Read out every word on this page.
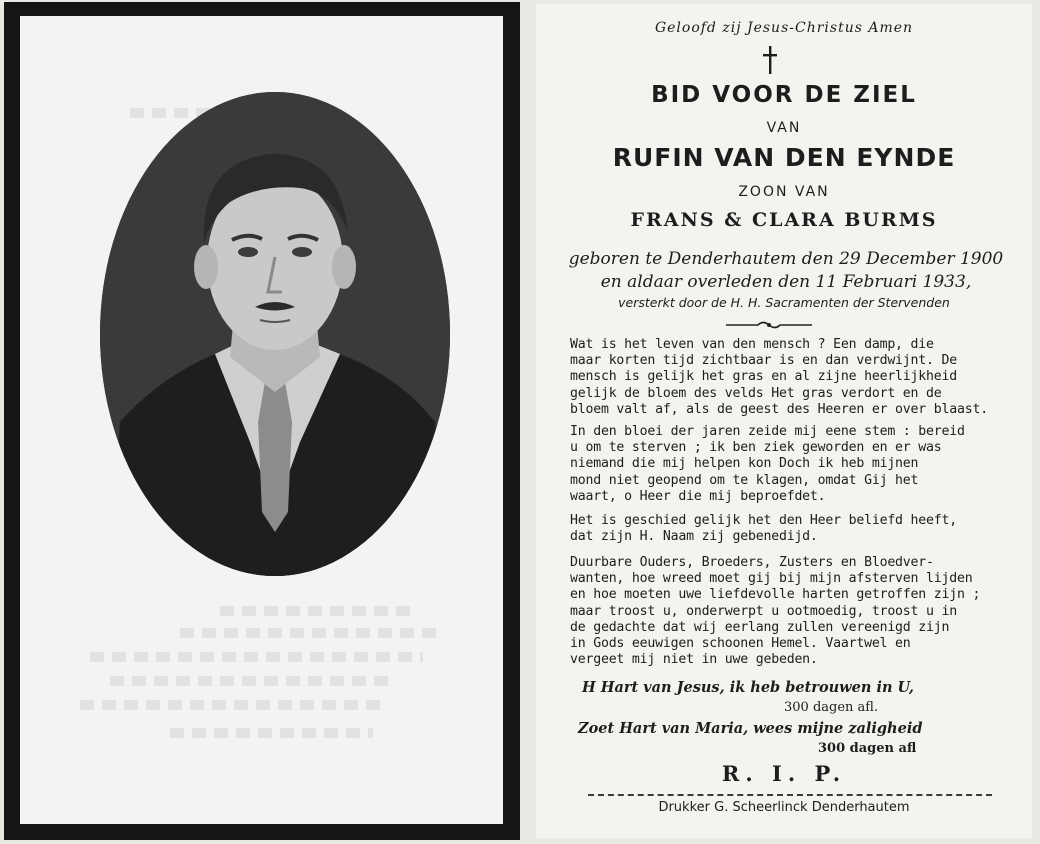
Geloofd zij Jesus-Christus Amen
BID VOOR DE ZIEL
VAN
RUFIN VAN DEN EYNDE
ZOON VAN
FRANS & CLARA BURMS
geboren te Denderhautem den 29 December 1900
en aldaar overleden den 11 Februari 1933,
versterkt door de H. H. Sacramenten der Stervenden
Wat is het leven van den mensch ? Een damp, die
maar korten tijd zichtbaar is en dan verdwijnt. De
mensch is gelijk het gras en al zijne heerlijkheid
gelijk de bloem des velds Het gras verdort en de
bloem valt af, als de geest des Heeren er over blaast.
In den bloei der jaren zeide mij eene stem : bereid
u om te sterven ; ik ben ziek geworden en er was
niemand die mij helpen kon Doch ik heb mijnen
mond niet geopend om te klagen, omdat Gij het
waart, o Heer die mij beproefdet.
Het is geschied gelijk het den Heer beliefd heeft,
dat zijn H. Naam zij gebenedijd.
Duurbare Ouders, Broeders, Zusters en Bloedver-
wanten, hoe wreed moet gij bij mijn afsterven lijden
en hoe moeten uwe liefdevolle harten getroffen zijn ;
maar troost u, onderwerpt u ootmoedig, troost u in
de gedachte dat wij eerlang zullen vereenigd zijn
in Gods eeuwigen schoonen Hemel. Vaartwel en
vergeet mij niet in uwe gebeden.
H Hart van Jesus, ik heb betrouwen in U,
300 dagen afl.
Zoet Hart van Maria, wees mijne zaligheid
300 dagen afl
R. I. P.
Drukker G. Scheerlinck Denderhautem
